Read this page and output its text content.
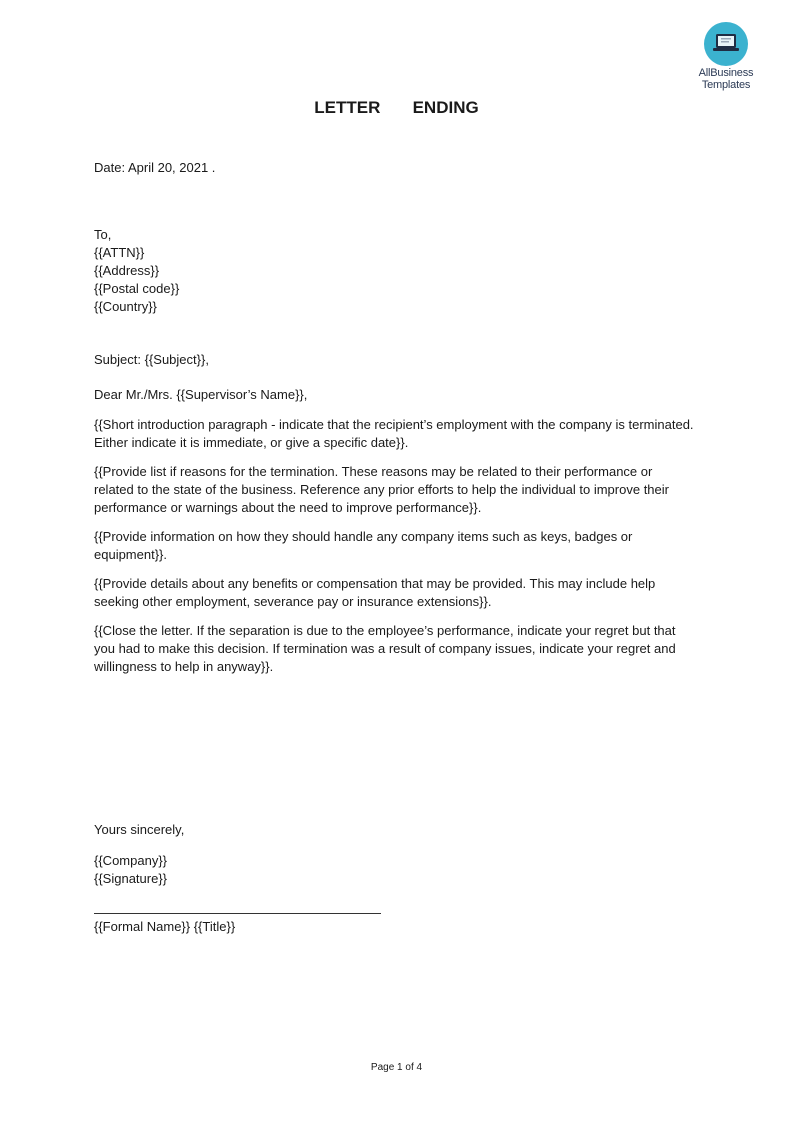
AllBusiness
Templates
LETTER   ENDING
Date: April 20, 2021 .
To,
{{ATTN}}
{{Address}}
{{Postal code}}
{{Country}}
Subject: {{Subject}},

Dear Mr./Mrs. {{Supervisor’s Name}},

{{Short introduction paragraph - indicate that the recipient’s employment with the company is terminated. Either indicate it is immediate, or give a specific date}}.

{{Provide list if reasons for the termination. These reasons may be related to their performance or related to the state of the business. Reference any prior efforts to help the individual to improve their performance or warnings about the need to improve performance}}.

{{Provide information on how they should handle any company items such as keys, badges or equipment}}.

{{Provide details about any benefits or compensation that may be provided. This may include help seeking other employment, severance pay or insurance extensions}}.

{{Close the letter. If the separation is due to the employee’s performance, indicate your regret but that you had to make this decision. If termination was a result of company issues, indicate your regret and willingness to help in anyway}}.

Yours sincerely,
{{Company}}
{{Signature}}
{{Formal Name}} {{Title}}
Page 1 of 4
